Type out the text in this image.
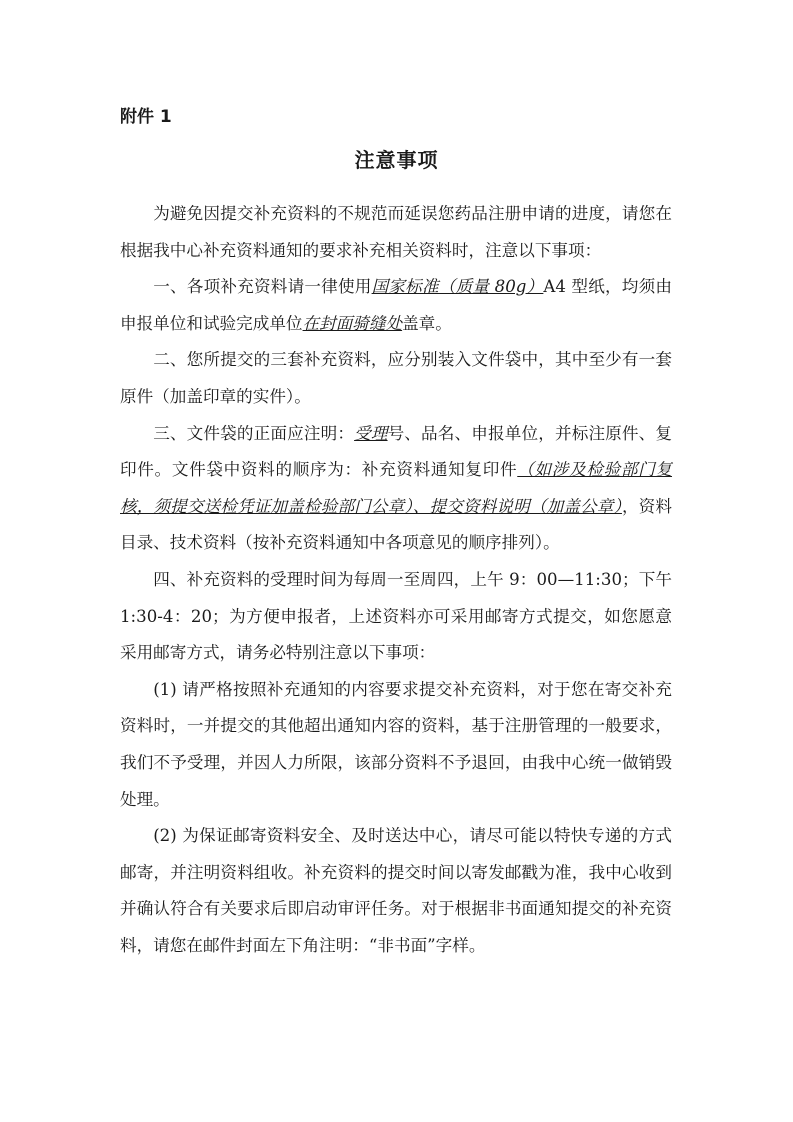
附件 1
注意事项

为避免因提交补充资料的不规范而延误您药品注册申请的进度，请您在根据我中心补充资料通知的要求补充相关资料时，注意以下事项：

一、各项补充资料请一律使用国家标准（质量 80g）A4 型纸，均须由申报单位和试验完成单位在封面骑缝处盖章。

二、您所提交的三套补充资料，应分别装入文件袋中，其中至少有一套原件（加盖印章的实件）。

三、文件袋的正面应注明：受理号、品名、申报单位，并标注原件、复印件。文件袋中资料的顺序为：补充资料通知复印件（如涉及检验部门复核，须提交送检凭证加盖检验部门公章）、提交资料说明（加盖公章），资料目录、技术资料（按补充资料通知中各项意见的顺序排列）。

四、补充资料的受理时间为每周一至周四，上午 9：00—11:30；下午 1:30-4：20；为方便申报者，上述资料亦可采用邮寄方式提交，如您愿意采用邮寄方式，请务必特别注意以下事项：

(1) 请严格按照补充通知的内容要求提交补充资料，对于您在寄交补充资料时，一并提交的其他超出通知内容的资料，基于注册管理的一般要求，我们不予受理，并因人力所限，该部分资料不予退回，由我中心统一做销毁处理。

(2) 为保证邮寄资料安全、及时送达中心，请尽可能以特快专递的方式邮寄，并注明资料组收。补充资料的提交时间以寄发邮戳为准，我中心收到并确认符合有关要求后即启动审评任务。对于根据非书面通知提交的补充资料，请您在邮件封面左下角注明：“非书面”字样。
